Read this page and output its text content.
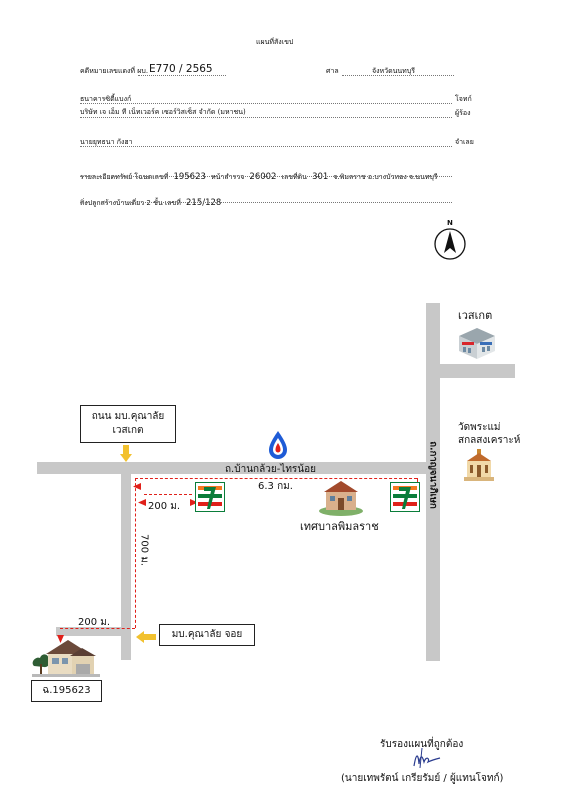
แผนที่สังเขป
คดีหมายเลขแดงที่ ผบ. E770 / 2565	ศาล	จังหวัดนนทบุรี
ธนาคารซิตี้แบงก์	โจทก์
บริษัท เจ เอ็ม ที เน็ทเวอร์ค เซอร์วิสเซ็ส จำกัด (มหาชน)	ผู้ร้อง
นายยุทธนา กังฮา	จำเลย
รายละเอียดทรัพย์ โฉนดเลขที่ 195623 หน้าสำรวจ 26002 เลขที่ดิน 301 จ.พิมลราช อ.บางบัวทอง จ.นนทบุรี
สิ่งปลูกสร้างบ้านเดี่ยว 2 ชั้น เลขที่ 215/128
N
เวสเกต
วัดพระแม่
สกลสงเคราะห์
ถ.กาญจนาภิเษก
ถนน มบ.คุณาลัย
เวสเกต
ถ.บ้านกล้วย-ไทรน้อย
6.3 กม.
200 ม.
700 ม.
200 ม.
เทศบาลพิมลราช
มบ.คุณาลัย จอย
ฉ.195623
รับรองแผนที่ถูกต้อง
(นายเทพรัตน์ เกรียรัมย์ / ผู้แทนโจทก์)
